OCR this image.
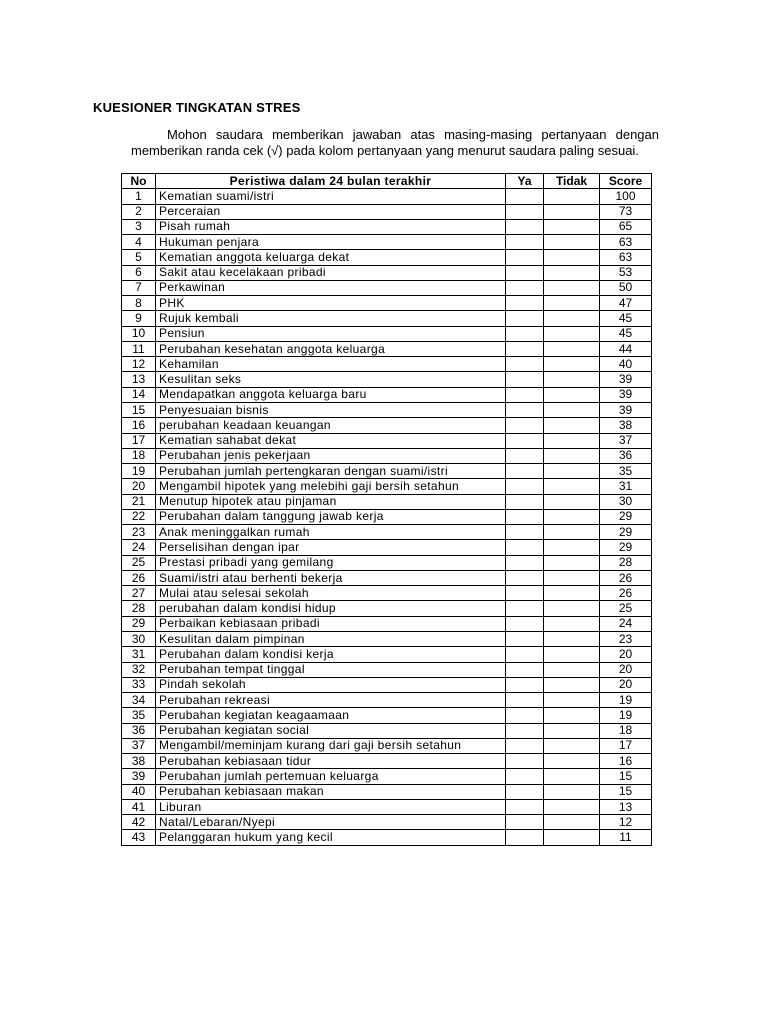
KUESIONER TINGKATAN STRES

Mohon saudara memberikan jawaban atas masing-masing pertanyaan dengan memberikan randa cek (√) pada kolom pertanyaan yang menurut saudara paling sesuai.

No	Peristiwa dalam 24 bulan terakhir	Ya	Tidak	Score
1	Kematian suami/istri			100
2	Perceraian			73
3	Pisah rumah			65
4	Hukuman penjara			63
5	Kematian anggota keluarga dekat			63
6	Sakit atau kecelakaan pribadi			53
7	Perkawinan			50
8	PHK			47
9	Rujuk kembali			45
10	Pensiun			45
11	Perubahan kesehatan anggota keluarga			44
12	Kehamilan			40
13	Kesulitan seks			39
14	Mendapatkan anggota keluarga baru			39
15	Penyesuaian bisnis			39
16	perubahan keadaan keuangan			38
17	Kematian sahabat dekat			37
18	Perubahan jenis pekerjaan			36
19	Perubahan jumlah pertengkaran dengan suami/istri			35
20	Mengambil hipotek yang melebihi gaji bersih setahun			31
21	Menutup hipotek atau pinjaman			30
22	Perubahan dalam tanggung jawab kerja			29
23	Anak meninggalkan rumah			29
24	Perselisihan dengan ipar			29
25	Prestasi pribadi yang gemilang			28
26	Suami/istri atau berhenti bekerja			26
27	Mulai atau selesai sekolah			26
28	perubahan dalam kondisi hidup			25
29	Perbaikan kebiasaan pribadi			24
30	Kesulitan dalam pimpinan			23
31	Perubahan dalam kondisi kerja			20
32	Perubahan tempat tinggal			20
33	Pindah sekolah			20
34	Perubahan rekreasi			19
35	Perubahan kegiatan keagaamaan			19
36	Perubahan kegiatan social			18
37	Mengambil/meminjam kurang dari gaji bersih setahun			17
38	Perubahan kebiasaan tidur			16
39	Perubahan jumlah pertemuan keluarga			15
40	Perubahan kebiasaan makan			15
41	Liburan			13
42	Natal/Lebaran/Nyepi			12
43	Pelanggaran hukum yang kecil			11
